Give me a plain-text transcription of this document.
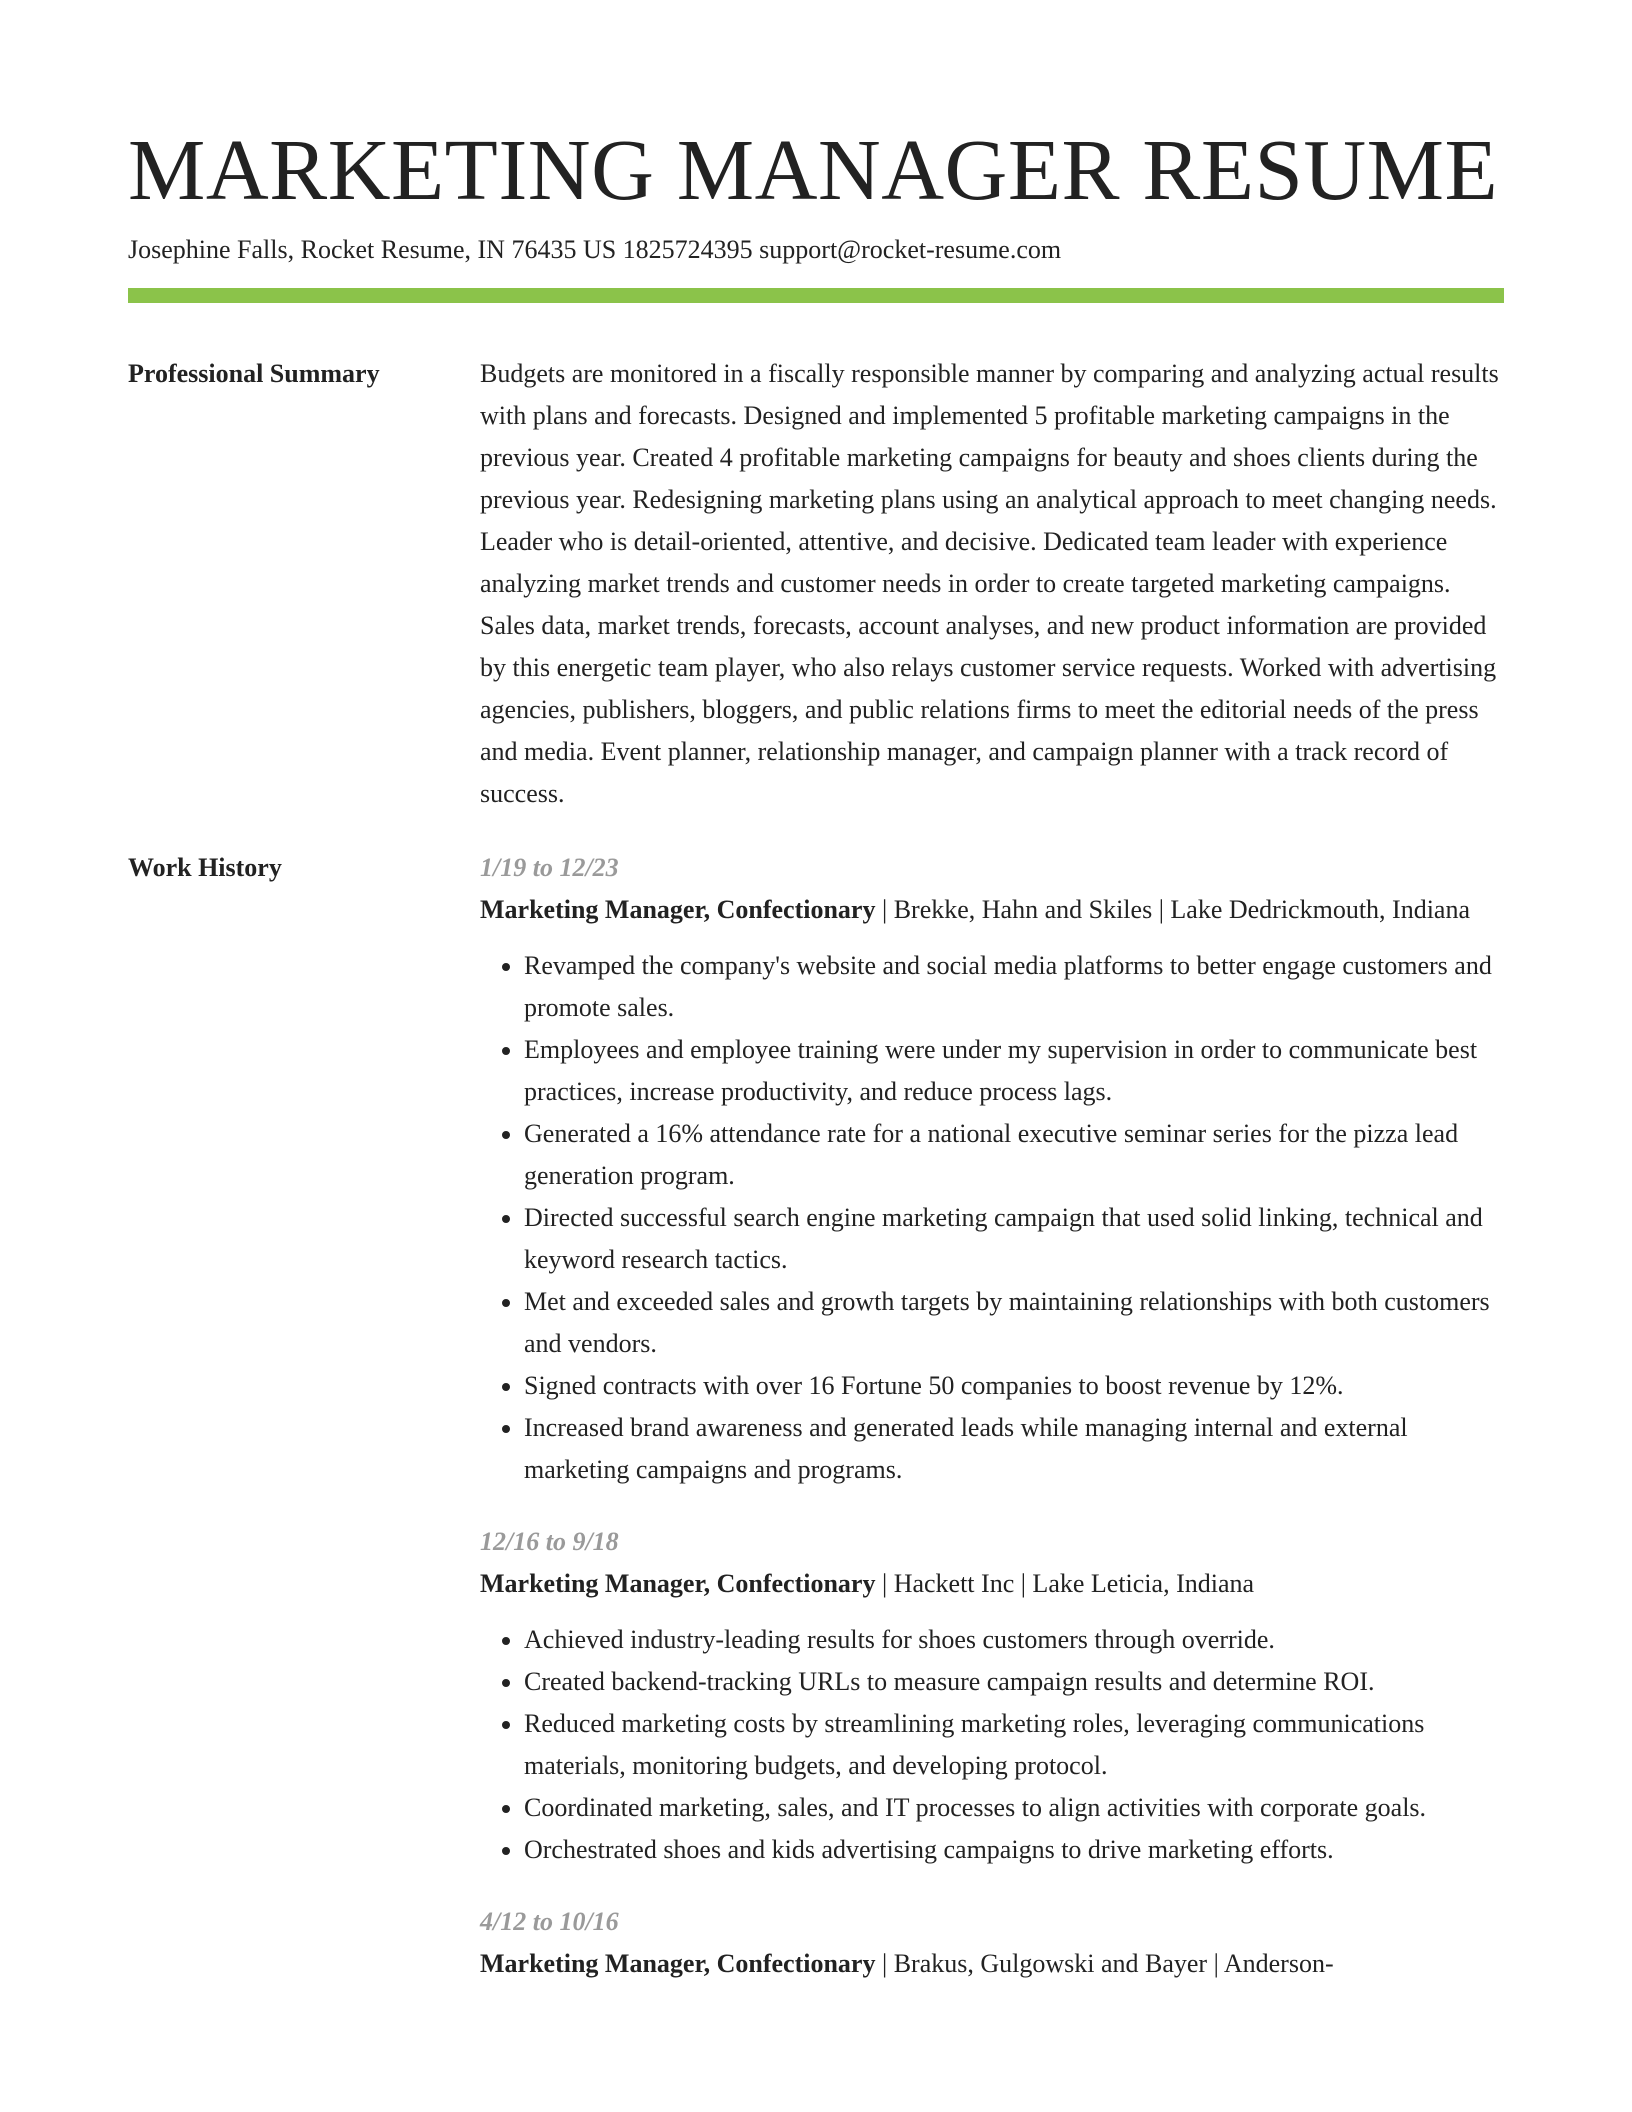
MARKETING MANAGER RESUME
Josephine Falls, Rocket Resume, IN 76435 US 1825724395 support@rocket-resume.com
Professional Summary	Budgets are monitored in a fiscally responsible manner by comparing and analyzing actual results with plans and forecasts. Designed and implemented 5 profitable marketing campaigns in the previous year. Created 4 profitable marketing campaigns for beauty and shoes clients during the previous year. Redesigning marketing plans using an analytical approach to meet changing needs. Leader who is detail-oriented, attentive, and decisive. Dedicated team leader with experience analyzing market trends and customer needs in order to create targeted marketing campaigns. Sales data, market trends, forecasts, account analyses, and new product information are provided by this energetic team player, who also relays customer service requests. Worked with advertising agencies, publishers, bloggers, and public relations firms to meet the editorial needs of the press and media. Event planner, relationship manager, and campaign planner with a track record of success.

Work History	1/19 to 12/23
Marketing Manager, Confectionary | Brekke, Hahn and Skiles | Lake Dedrickmouth, Indiana
• Revamped the company's website and social media platforms to better engage customers and promote sales.
• Employees and employee training were under my supervision in order to communicate best practices, increase productivity, and reduce process lags.
• Generated a 16% attendance rate for a national executive seminar series for the pizza lead generation program.
• Directed successful search engine marketing campaign that used solid linking, technical and keyword research tactics.
• Met and exceeded sales and growth targets by maintaining relationships with both customers and vendors.
• Signed contracts with over 16 Fortune 50 companies to boost revenue by 12%.
• Increased brand awareness and generated leads while managing internal and external marketing campaigns and programs.
12/16 to 9/18
Marketing Manager, Confectionary | Hackett Inc | Lake Leticia, Indiana
• Achieved industry-leading results for shoes customers through override.
• Created backend-tracking URLs to measure campaign results and determine ROI.
• Reduced marketing costs by streamlining marketing roles, leveraging communications materials, monitoring budgets, and developing protocol.
• Coordinated marketing, sales, and IT processes to align activities with corporate goals.
• Orchestrated shoes and kids advertising campaigns to drive marketing efforts.
4/12 to 10/16
Marketing Manager, Confectionary | Brakus, Gulgowski and Bayer | Anderson-
